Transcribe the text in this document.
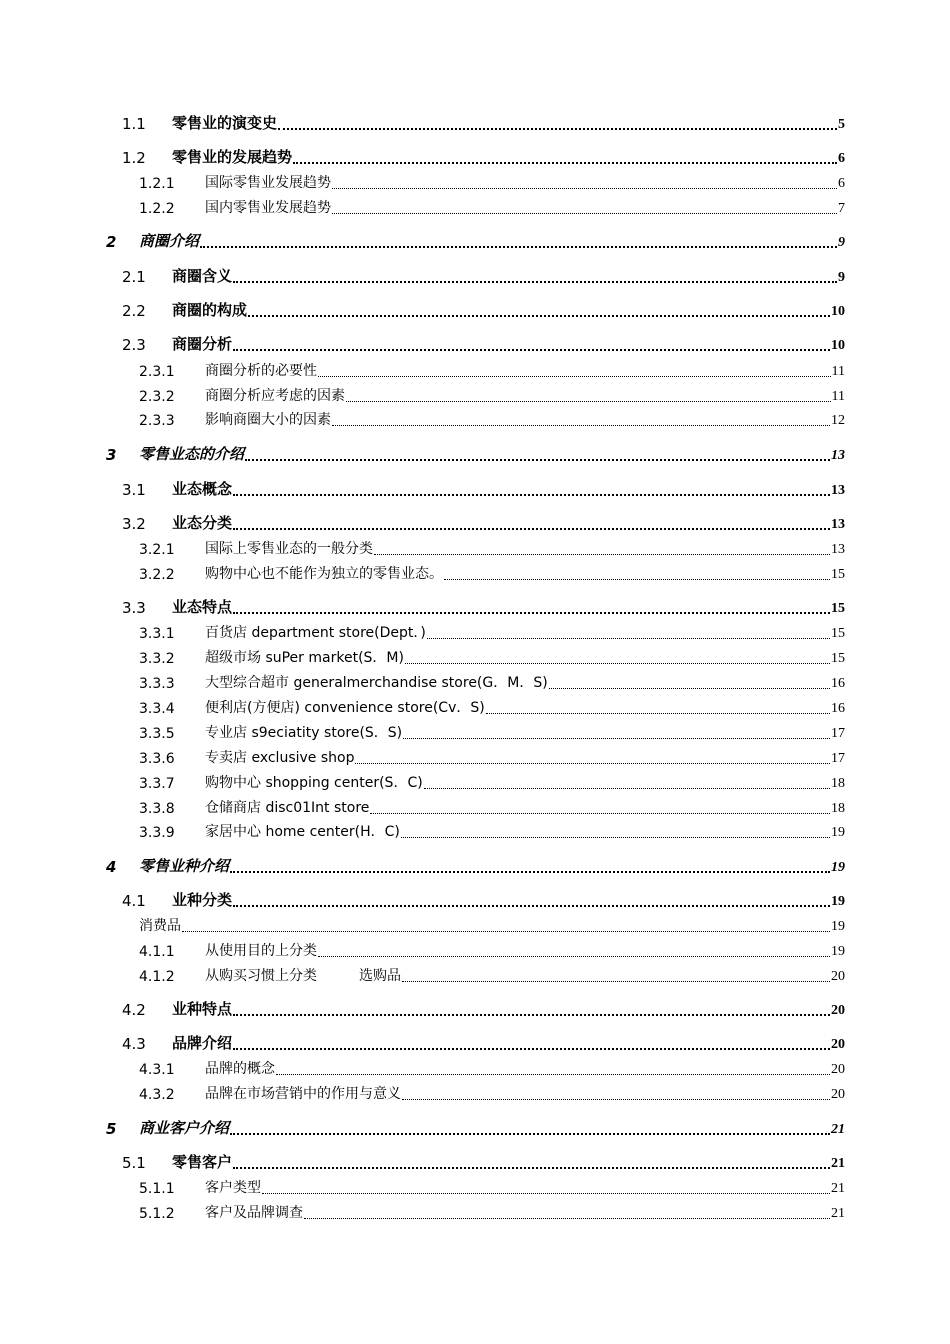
1.1 零售业的演变史	5
1.2 零售业的发展趋势	6
1.2.1 国际零售业发展趋势	6
1.2.2 国内零售业发展趋势	7
2 商圈介绍	9
2.1 商圈含义	9
2.2 商圈的构成	10
2.3 商圈分析	10
2.3.1 商圈分析的必要性	11
2.3.2 商圈分析应考虑的因素	11
2.3.3 影响商圈大小的因素	12
3 零售业态的介绍	13
3.1 业态概念	13
3.2 业态分类	13
3.2.1 国际上零售业态的一般分类	13
3.2.2 购物中心也不能作为独立的零售业态。	15
3.3 业态特点	15
3.3.1 百货店 department store(Dept．)	15
3.3.2 超级市场 suPer market(S．M)	15
3.3.3 大型综合超市 generalmerchandise store(G．M．S)	16
3.3.4 便利店(方便店) convenience store(Cv．S)	16
3.3.5 专业店 s9eciatity store(S．S)	17
3.3.6 专卖店 exclusive shop	17
3.3.7 购物中心 shopping center(S．C)	18
3.3.8 仓储商店 disc01Int store	18
3.3.9 家居中心 home center(H．C)	19
4 零售业种介绍	19
4.1 业种分类	19
消费品	19
4.1.1 从使用目的上分类	19
4.1.2 从购买习惯上分类　　　选购品	20
4.2 业种特点	20
4.3 品牌介绍	20
4.3.1 品牌的概念	20
4.3.2 品牌在市场营销中的作用与意义	20
5 商业客户介绍	21
5.1 零售客户	21
5.1.1 客户类型	21
5.1.2 客户及品牌调查	21
